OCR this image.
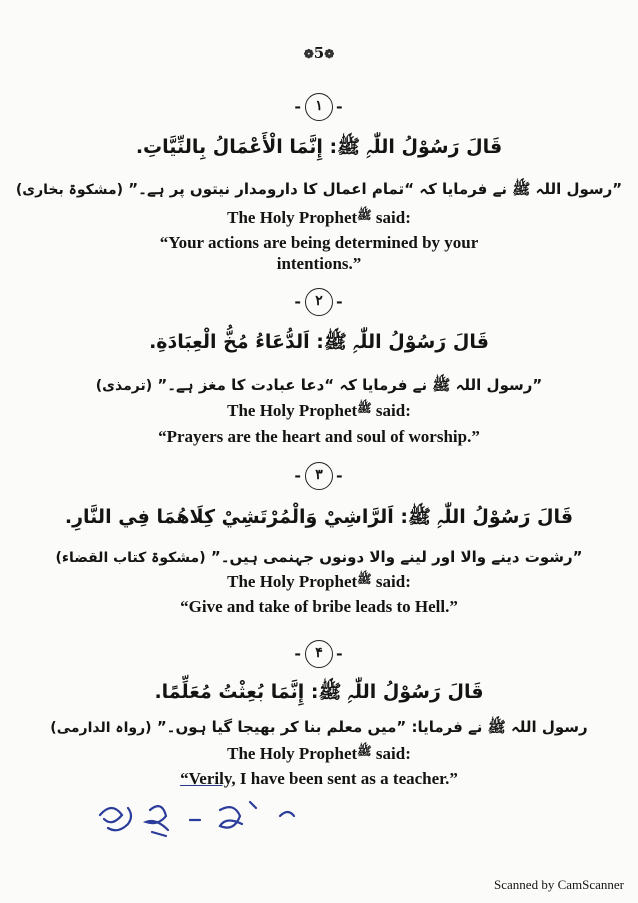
❁5❁
- ١ -
قَالَ رَسُوْلُ اللّٰہِ ﷺ: إِنَّمَا الْأَعْمَالُ بِالنِّيَّاتِ.
”رسول اللہ ﷺ نے فرمایا کہ “تمام اعمال کا دارومدار نیتوں پر ہے۔” (مشکوۃ بخاری)
The Holy Prophet$^ﷺ$ said:
“Your actions are being determined by your intentions.”
- ٢ -
قَالَ رَسُوْلُ اللّٰہِ ﷺ: اَلدُّعَاءُ مُخُّ الْعِبَادَةِ.
”رسول اللہ ﷺ نے فرمایا کہ “دعا عبادت کا مغز ہے۔” (ترمذی)
The Holy Prophet$^ﷺ$ said:
“Prayers are the heart and soul of worship.”
- ٣ -
قَالَ رَسُوْلُ اللّٰہِ ﷺ: اَلرَّاشِيْ وَالْمُرْتَشِيْ كِلَاهُمَا فِي النَّارِ.
”رشوت دینے والا اور لینے والا دونوں جہنمی ہیں۔” (مشکوۃ کتاب القضاء)
The Holy Prophet$^ﷺ$ said:
“Give and take of bribe leads to Hell.”
- ۴ -
قَالَ رَسُوْلُ اللّٰہِ ﷺ: إِنَّمَا بُعِثْتُ مُعَلِّمًا.
رسول اللہ ﷺ نے فرمایا: ”میں معلم بنا کر بھیجا گیا ہوں۔” (رواہ الدارمی)
The Holy Prophet$^ﷺ$ said:
“Verily, I have been sent as a teacher.”
Scanned by CamScanner
